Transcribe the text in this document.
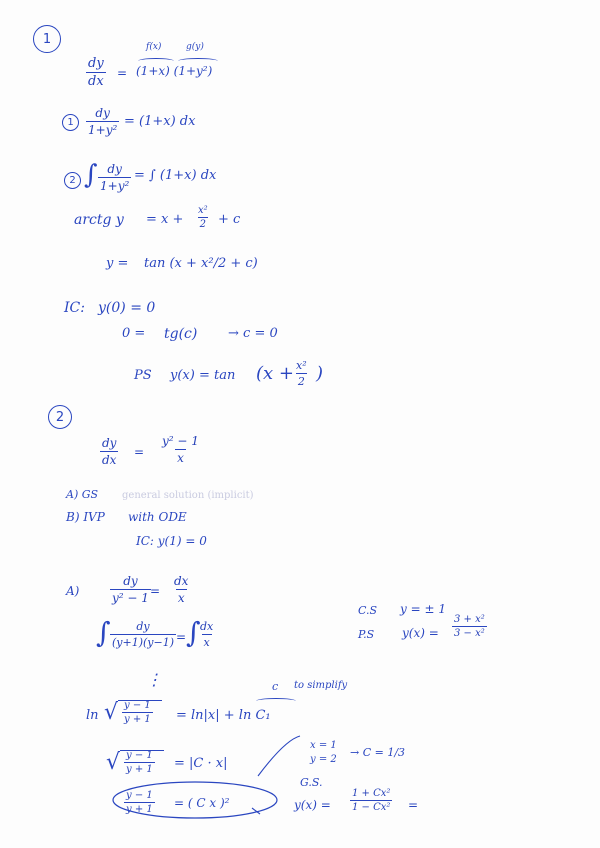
1
f(x)	g(y)
$\frac{dy}{dx} = (1+x)$ (1+y²)
$1 \frac{dy}{\text{1+y²}} = (1+x)$ dx
2 ∫ $\frac{dy}{\text{1+y²}}$ = ∫ (1+x) dx
arctg $y = x + \frac{\text{x²}}{2} + c$
y = tan (x + x²/2 + c)
IC: y(0) = 0
0 = tg(c) → c = 0
PS $y(x) = \tan (x + \frac{\text{x²}}{2}$ )
2
$\frac{dy}{dx} = \frac{\text{y² − 1}}{x}$
A) GS general solution (implicit)
B) IVP with ODE
IC: y(1) = 0
A)	$\frac{dy}{\text{y² − 1}} = \frac{dx}{x}$
C.S y = ± 1
P.S $y(x) = \frac{\text{3 + x²}}{\text{3 − x²}}$
∫ $\frac{dy}{(y+1)(y-1)}$ = ∫
$\frac{dx}{x}$
⋮	c to simplify
ln √ $\frac{y - 1}{y + 1} = \ln|x| + \ln C_1$
√ $\frac{y - 1}{y + 1} = |C \cdot x|$
x = 1
y = 2
→ C = 1/3
$\frac{y - 1}{y + 1}$ = ( C x )²
G.S.
$y(x) = \frac{\text{1 + Cx²}}{\text{1 − Cx²}}$ =
